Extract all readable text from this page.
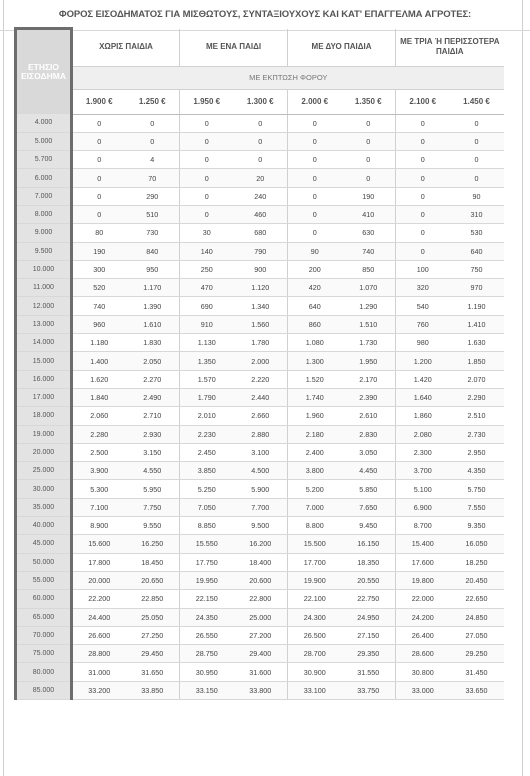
ΦΟΡΟΣ ΕΙΣΟΔΗΜΑΤΟΣ ΓΙΑ ΜΙΣΘΩΤΟΥΣ, ΣΥΝΤΑΞΙΟΥΧΟΥΣ ΚΑΙ ΚΑΤ' ΕΠΑΓΓΕΛΜΑ ΑΓΡΟΤΕΣ:
ΕΤΗΣΙΟ ΕΙΣΟΔΗΜΑ	ΧΩΡΙΣ ΠΑΙΔΙΑ		ΜΕ ΕΝΑ ΠΑΙΔΙ		ΜΕ ΔΥΟ ΠΑΙΔΙΑ		ΜΕ ΤΡΙΑ Ή ΠΕΡΙΣΣΟΤΕΡΑ ΠΑΙΔΙΑ	
	ΜΕ ΕΚΠΤΩΣΗ ΦΟΡΟΥ							
	1.900 €	1.250 €	1.950 €	1.300 €	2.000 €	1.350 €	2.100 €	1.450 €
4.000	0	0	0	0	0	0	0	0
5.000	0	0	0	0	0	0	0	0
5.700	0	4	0	0	0	0	0	0
6.000	0	70	0	20	0	0	0	0
7.000	0	290	0	240	0	190	0	90
8.000	0	510	0	460	0	410	0	310
9.000	80	730	30	680	0	630	0	530
9.500	190	840	140	790	90	740	0	640
10.000	300	950	250	900	200	850	100	750
11.000	520	1.170	470	1.120	420	1.070	320	970
12.000	740	1.390	690	1.340	640	1.290	540	1.190
13.000	960	1.610	910	1.560	860	1.510	760	1.410
14.000	1.180	1.830	1.130	1.780	1.080	1.730	980	1.630
15.000	1.400	2.050	1.350	2.000	1.300	1.950	1.200	1.850
16.000	1.620	2.270	1.570	2.220	1.520	2.170	1.420	2.070
17.000	1.840	2.490	1.790	2.440	1.740	2.390	1.640	2.290
18.000	2.060	2.710	2.010	2.660	1.960	2.610	1.860	2.510
19.000	2.280	2.930	2.230	2.880	2.180	2.830	2.080	2.730
20.000	2.500	3.150	2.450	3.100	2.400	3.050	2.300	2.950
25.000	3.900	4.550	3.850	4.500	3.800	4.450	3.700	4.350
30.000	5.300	5.950	5.250	5.900	5.200	5.850	5.100	5.750
35.000	7.100	7.750	7.050	7.700	7.000	7.650	6.900	7.550
40.000	8.900	9.550	8.850	9.500	8.800	9.450	8.700	9.350
45.000	15.600	16.250	15.550	16.200	15.500	16.150	15.400	16.050
50.000	17.800	18.450	17.750	18.400	17.700	18.350	17.600	18.250
55.000	20.000	20.650	19.950	20.600	19.900	20.550	19.800	20.450
60.000	22.200	22.850	22.150	22.800	22.100	22.750	22.000	22.650
65.000	24.400	25.050	24.350	25.000	24.300	24.950	24.200	24.850
70.000	26.600	27.250	26.550	27.200	26.500	27.150	26.400	27.050
75.000	28.800	29.450	28.750	29.400	28.700	29.350	28.600	29.250
80.000	31.000	31.650	30.950	31.600	30.900	31.550	30.800	31.450
85.000	33.200	33.850	33.150	33.800	33.100	33.750	33.000	33.650
